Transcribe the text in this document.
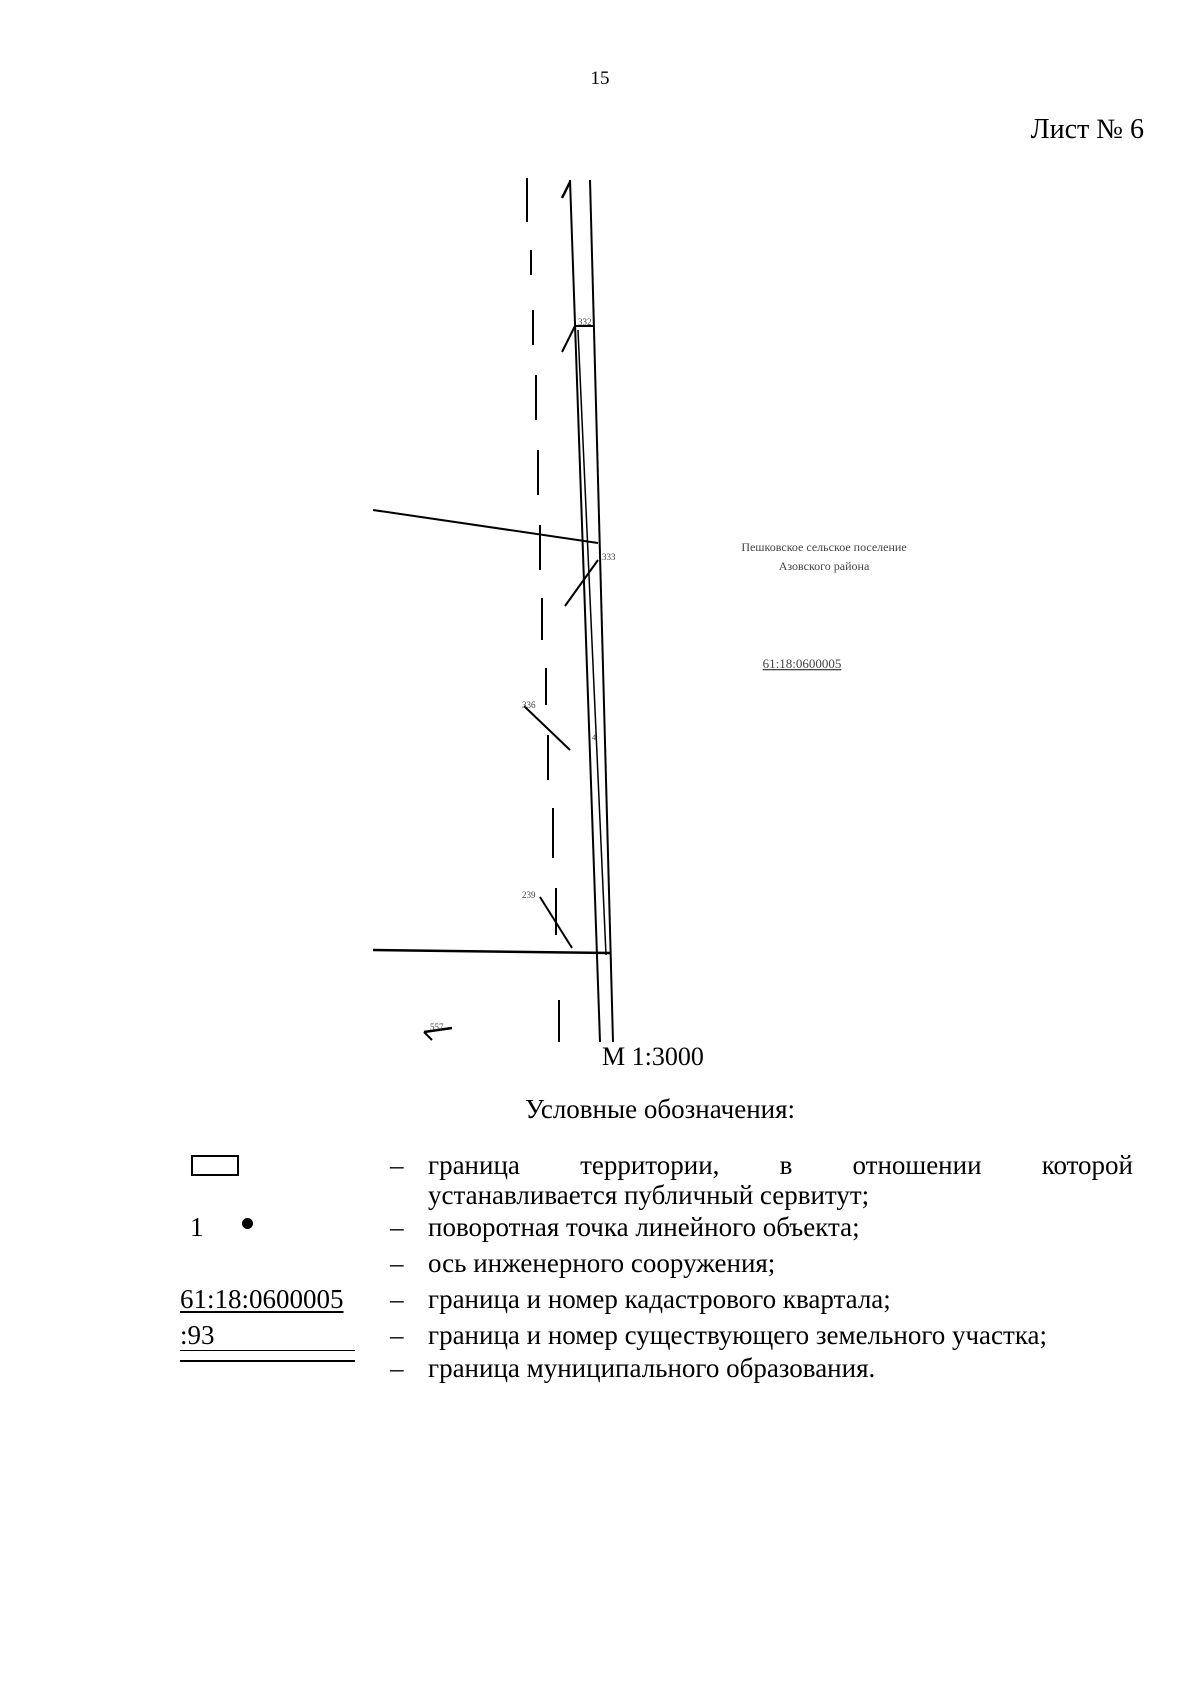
15
Лист № 6
332
333
336
239
4
557
Пешковское сельское поселение
Азовского района
61:18:0600005
М 1:3000
Условные обозначения:
1
61:18:0600005
:93
– граница территории, в отношении которой
устанавливается публичный сервитут;
– поворотная точка линейного объекта;
– ось инженерного сооружения;
– граница и номер кадастрового квартала;
– граница и номер существующего земельного участка;
– граница муниципального образования.
